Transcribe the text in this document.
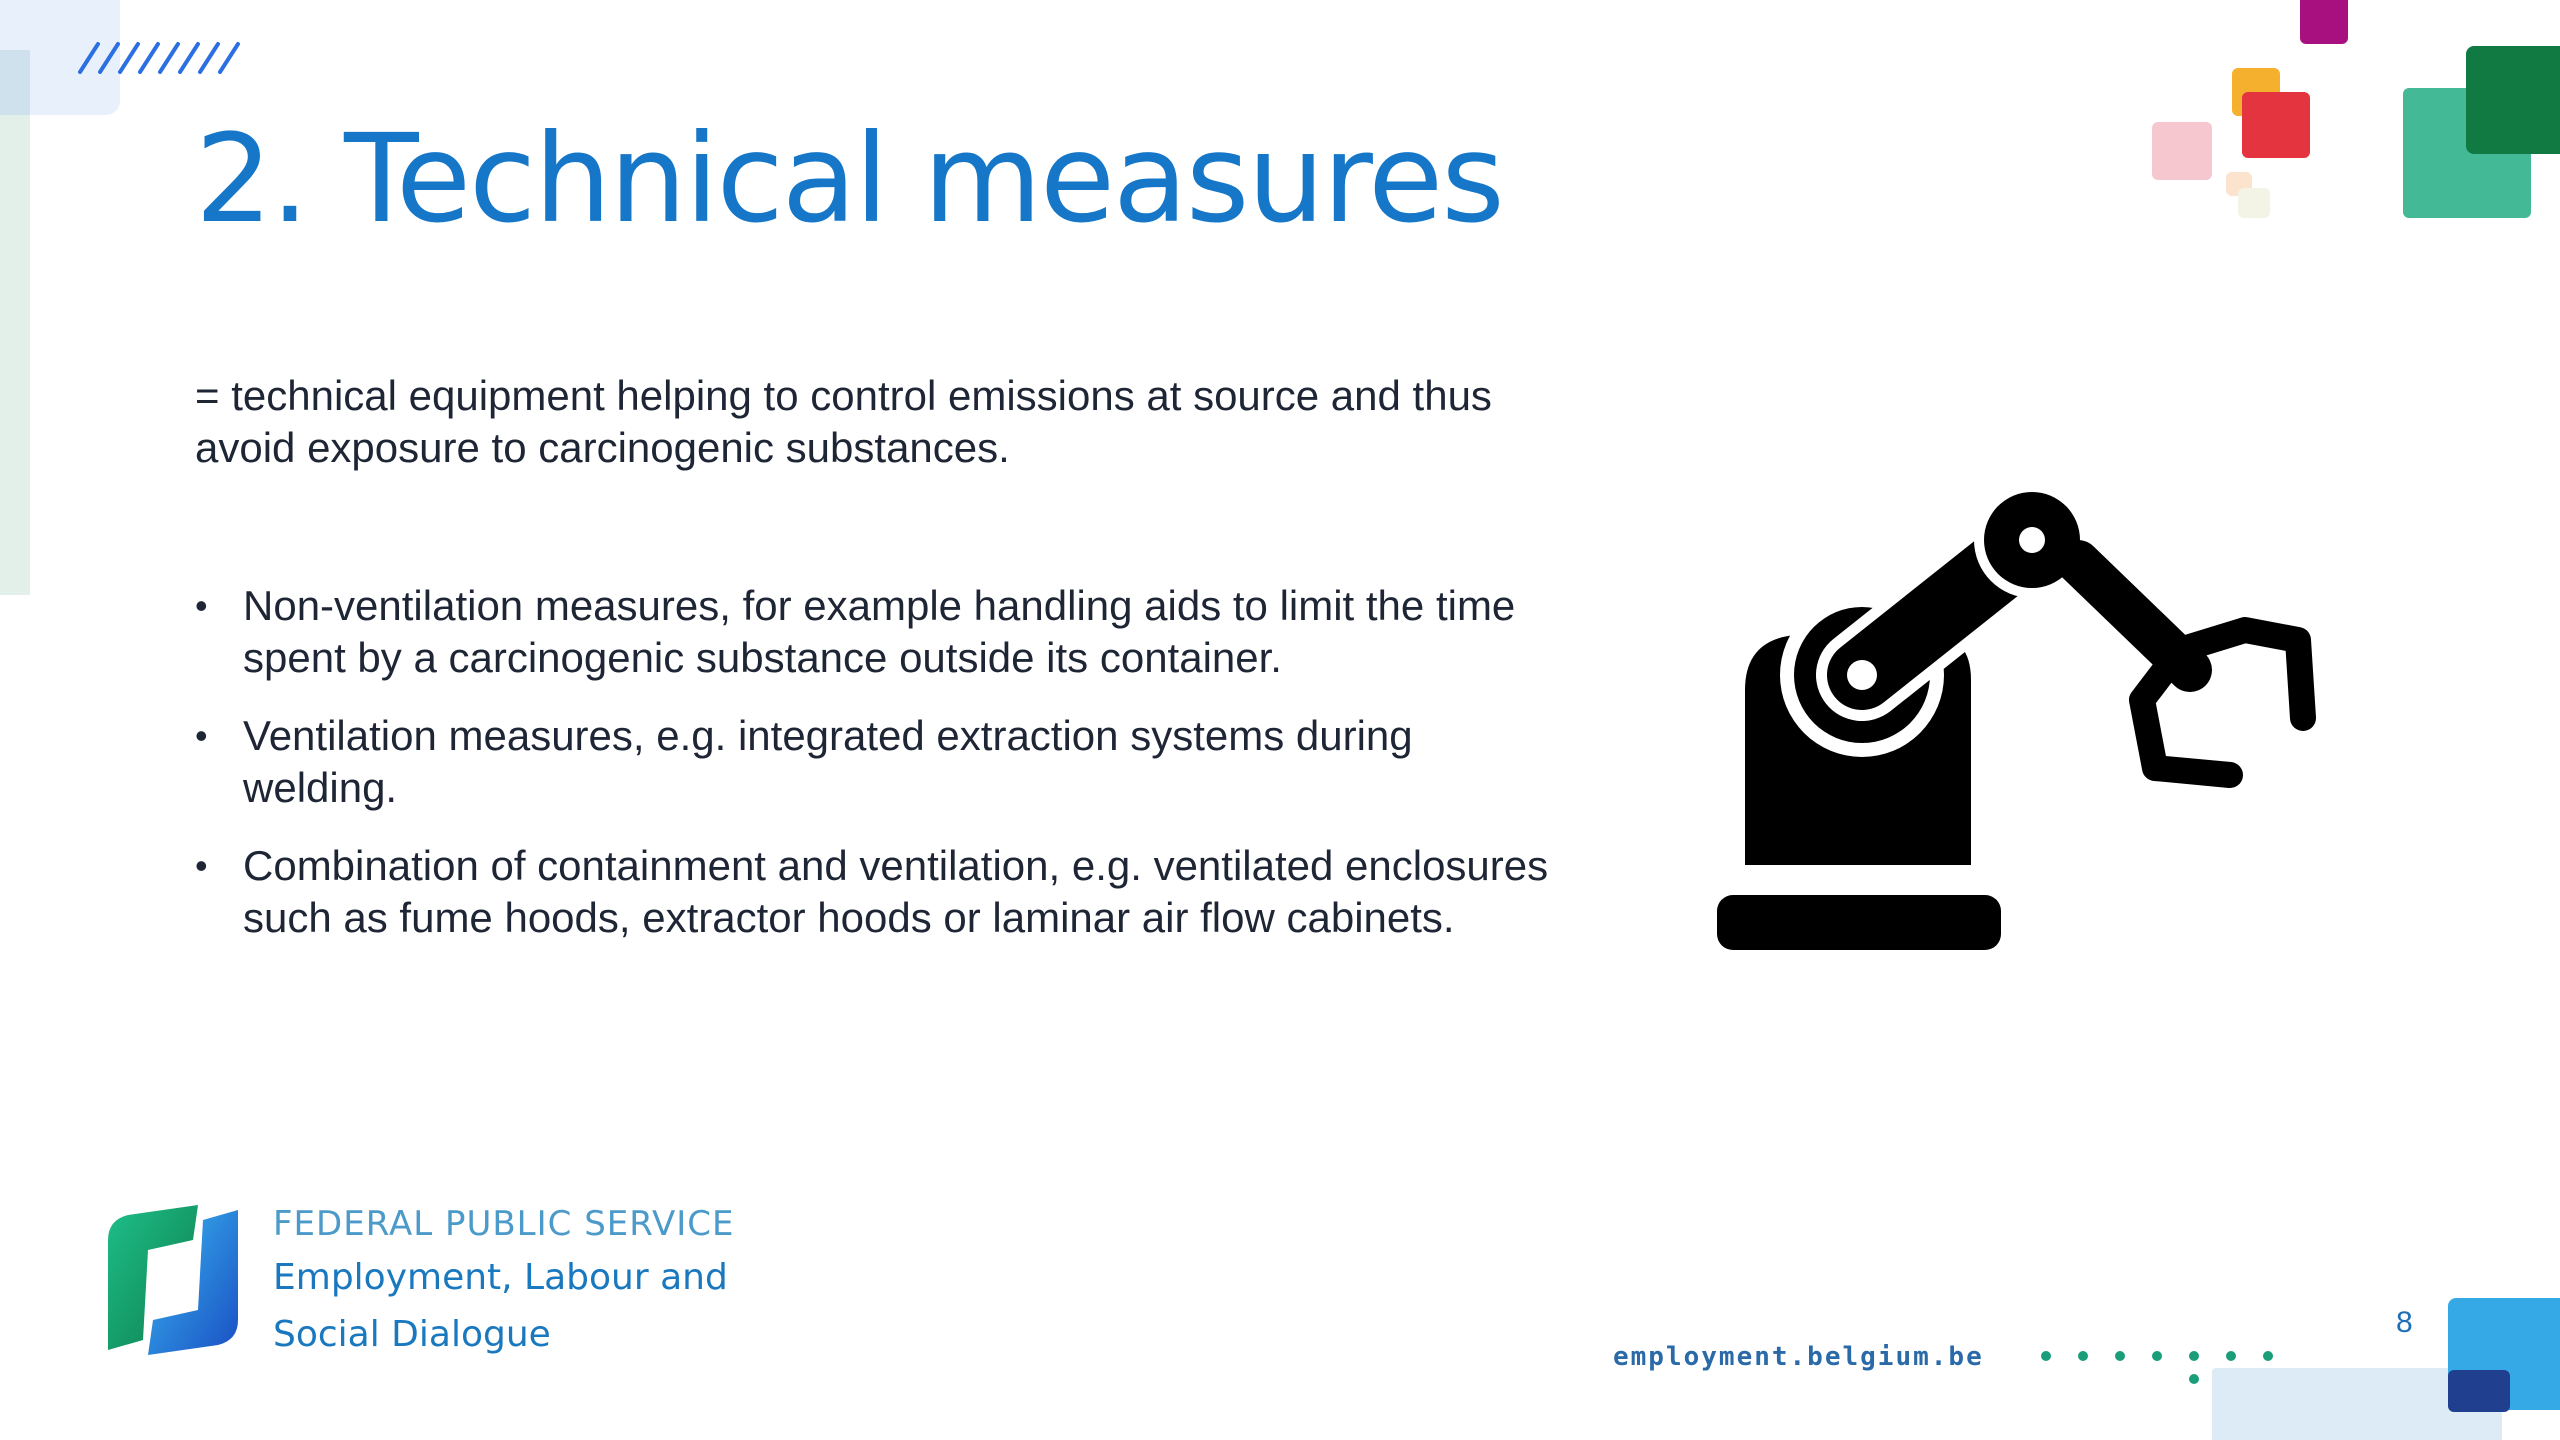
2. Technical measures

= technical equipment helping to control emissions at source and thus avoid exposure to carcinogenic substances.

• Non-ventilation measures, for example handling aids to limit the time spent by a carcinogenic substance outside its container.
• Ventilation measures, e.g. integrated extraction systems during welding.
• Combination of containment and ventilation, e.g. ventilated enclosures such as fume hoods, extractor hoods or laminar air flow cabinets.
FEDERAL PUBLIC SERVICE
Employment, Labour and
Social Dialogue
employment.belgium.be
8
